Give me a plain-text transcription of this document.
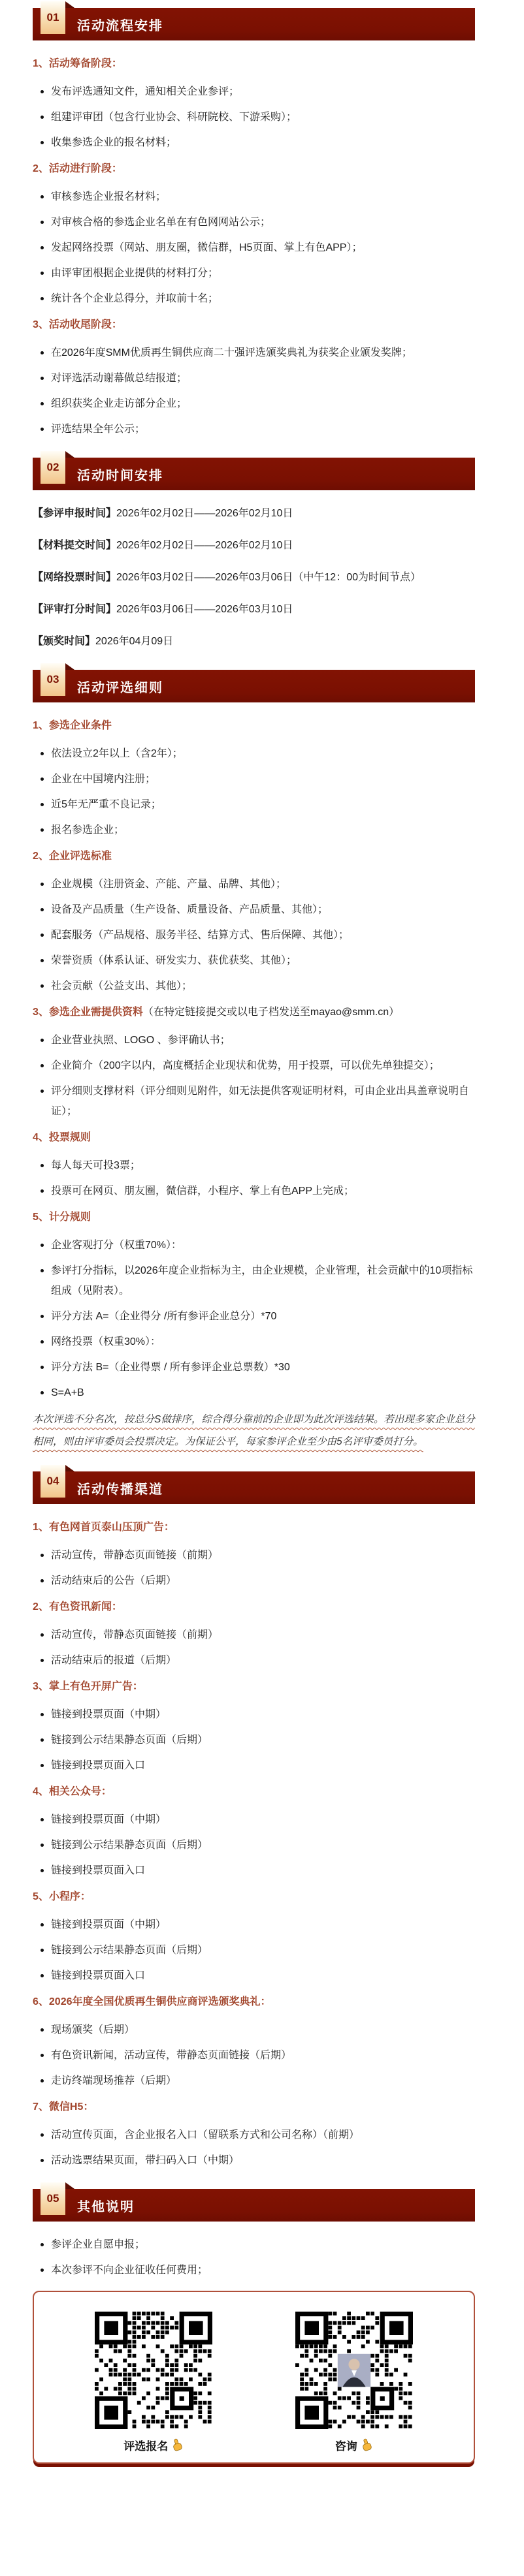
01
活动流程安排

1、活动筹备阶段：

发布评选通知文件，通知相关企业参评；

组建评审团（包含行业协会、科研院校、下游采购）；

收集参选企业的报名材料；

2、活动进行阶段：

审核参选企业报名材料；

对审核合格的参选企业名单在有色网网站公示；

发起网络投票（网站、朋友圈，微信群，H5页面、掌上有色APP）；

由评审团根据企业提供的材料打分；

统计各个企业总得分，并取前十名；

3、活动收尾阶段：

在2026年度SMM优质再生铜供应商二十强评选颁奖典礼为获奖企业颁发奖牌；

对评选活动谢幕做总结报道；

组织获奖企业走访部分企业；

评选结果全年公示；

02
活动时间安排

【参评申报时间】2026年02月02日——2026年02月10日

【材料提交时间】2026年02月02日——2026年02月10日

【网络投票时间】2026年03月02日——2026年03月06日（中午12：00为时间节点）

【评审打分时间】2026年03月06日——2026年03月10日

【颁奖时间】2026年04月09日

03
活动评选细则

1、参选企业条件

依法设立2年以上（含2年）；

企业在中国境内注册；

近5年无严重不良记录；

报名参选企业；

2、企业评选标准

企业规模（注册资金、产能、产量、品牌、其他）；

设备及产品质量（生产设备、质量设备、产品质量、其他）；

配套服务（产品规格、服务半径、结算方式、售后保障、其他）；

荣誉资质（体系认证、研发实力、获优获奖、其他）；

社会贡献（公益支出、其他）；

3、参选企业需提供资料（在特定链接提交或以电子档发送至mayao@smm.cn）

企业营业执照、LOGO 、参评确认书；

企业简介（200字以内，高度概括企业现状和优势，用于投票，可以优先单独提交）；

评分细则支撑材料（评分细则见附件，如无法提供客观证明材料，可由企业出具盖章说明自证）；

4、投票规则

每人每天可投3票；

投票可在网页、朋友圈，微信群，小程序、掌上有色APP上完成；

5、计分规则

企业客观打分（权重70%）：

参评打分指标，以2026年度企业指标为主，由企业规模，企业管理，社会贡献中的10项指标组成（见附表）。

评分方法 A=（企业得分 /所有参评企业总分）*70

网络投票（权重30%）：

评分方法 B=（企业得票 / 所有参评企业总票数）*30

S=A+B

本次评选不分名次，按总分S做排序，综合得分靠前的企业即为此次评选结果。若出现多家企业总分相同，则由评审委员会投票决定。为保证公平，每家参评企业至少由5名评审委员打分。

04
活动传播渠道

1、有色网首页泰山压顶广告：

活动宣传，带静态页面链接（前期）

活动结束后的公告（后期）

2、有色资讯新闻：

活动宣传，带静态页面链接（前期）

活动结束后的报道（后期）

3、掌上有色开屏广告：

链接到投票页面（中期）

链接到公示结果静态页面（后期）

链接到投票页面入口

4、相关公众号：

链接到投票页面（中期）

链接到公示结果静态页面（后期）

链接到投票页面入口

5、小程序：

链接到投票页面（中期）

链接到公示结果静态页面（后期）

链接到投票页面入口

6、2026年度全国优质再生铜供应商评选颁奖典礼：

现场颁奖（后期）

有色资讯新闻，活动宣传，带静态页面链接（后期）

走访终端现场推荐（后期）

7、微信H5：

活动宣传页面，含企业报名入口（留联系方式和公司名称）（前期）

活动选票结果页面，带扫码入口（中期）

05
其他说明

参评企业自愿申报；

本次参评不向企业征收任何费用；

评选报名	咨询
